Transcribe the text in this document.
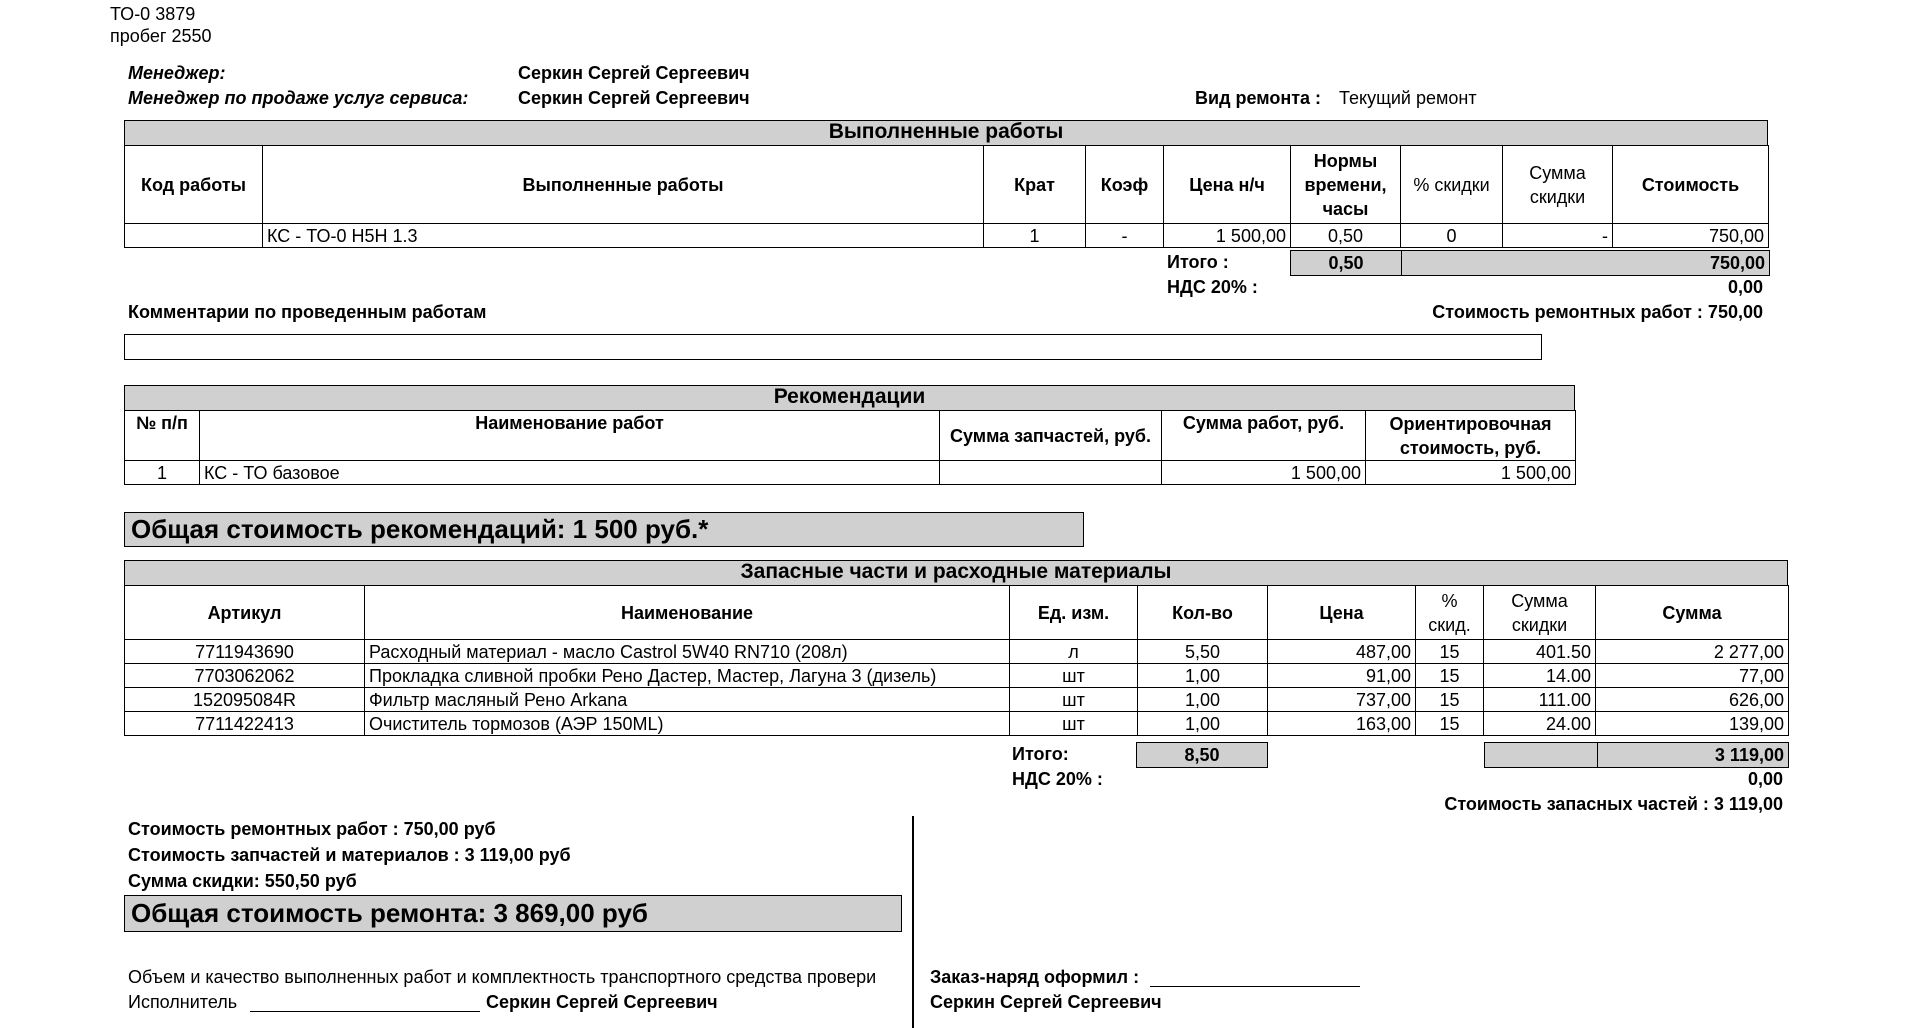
ТО-0 3879
пробег 2550
Менеджер:	Серкин Сергей Сергеевич
Менеджер по продаже услуг сервиса:	Серкин Сергей Сергеевич	Вид ремонта : Текущий ремонт
Выполненные работы
Код работы	Выполненные работы	Крат	Коэф	Цена н/ч	Нормы времени, часы	% скидки	Сумма скидки	Стоимость
	КС - ТО-0 Н5Н 1.3	1	-	1 500,00	0,50	0	-	750,00
Итого :	0,50	750,00
НДС 20% :	0,00
Комментарии по проведенным работам	Стоимость ремонтных работ : 750,00
Рекомендации
№ п/п	Наименование работ	Сумма запчастей, руб.	Сумма работ, руб.	Ориентировочная стоимость, руб.
1	КС - ТО базовое		1 500,00	1 500,00
Общая стоимость рекомендаций: 1 500 руб.*
Запасные части и расходные материалы
Артикул	Наименование	Ед. изм.	Кол-во	Цена	% скид.	Сумма скидки	Сумма
7711943690	Расходный материал - масло Castrol 5W40 RN710 (208л)	л	5,50	487,00	15	401.50	2 277,00
7703062062	Прокладка сливной пробки Рено Дастер, Мастер, Лагуна 3 (дизель)	шт	1,00	91,00	15	14.00	77,00
152095084R	Фильтр масляный Рено Arkana	шт	1,00	737,00	15	111.00	626,00
7711422413	Очиститель тормозов (АЭР 150ML)	шт	1,00	163,00	15	24.00	139,00
Итого:	8,50	3 119,00
НДС 20% :	0,00
Стоимость запасных частей : 3 119,00
Стоимость ремонтных работ : 750,00 руб
Стоимость запчастей и материалов : 3 119,00 руб
Сумма скидки: 550,50 руб
Общая стоимость ремонта: 3 869,00 руб
Объем и качество выполненных работ и комплектность транспортного средства провери
Исполнитель	Серкин Сергей Сергеевич
Заказ-наряд оформил :
Серкин Сергей Сергеевич
